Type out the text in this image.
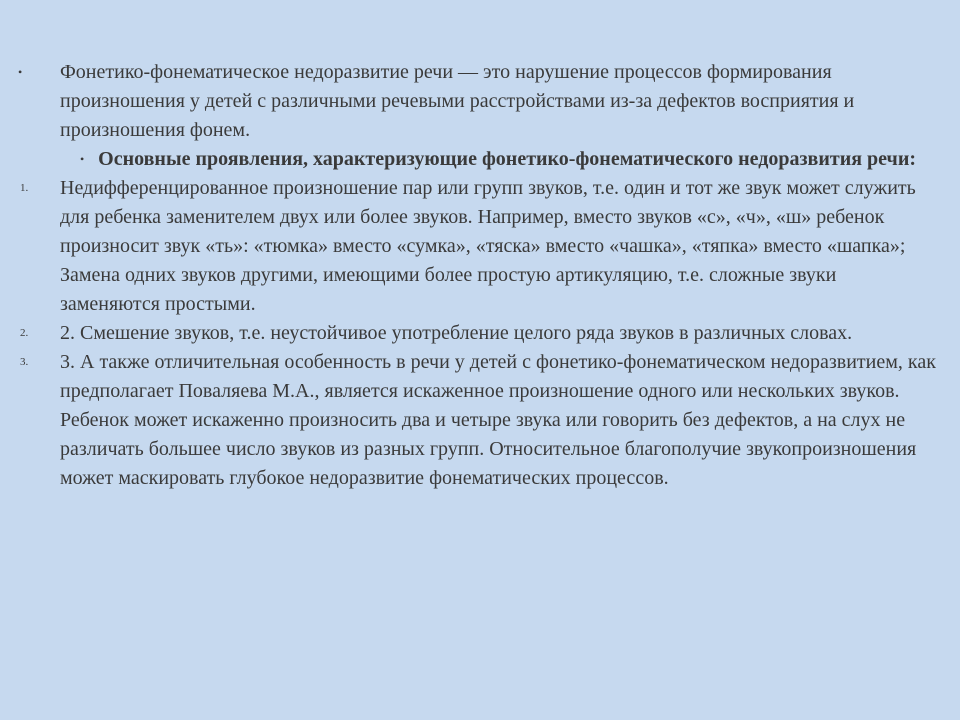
• Фонетико-фонематическое недоразвитие речи — это нарушение процессов формирования произношения у детей с различными речевыми расстройствами из-за дефектов восприятия и произношения фонем.

• Основные проявления, характеризующие фонетико-фонематического недоразвития речи:

1. Недифференцированное произношение пар или групп звуков, т.е. один и тот же звук может служить для ребенка заменителем двух или более звуков. Например, вместо звуков «с», «ч», «ш» ребенок произносит звук «ть»: «тюмка» вместо «сумка», «тяска» вместо «чашка», «тяпка» вместо «шапка»; Замена одних звуков другими, имеющими более простую артикуляцию, т.е. сложные звуки заменяются простыми.

2. 2. Смешение звуков, т.е. неустойчивое употребление целого ряда звуков в различных словах.

3. 3. А также отличительная особенность в речи у детей с фонетико-фонематическом недоразвитием, как предполагает Поваляева М.А., является искаженное произношение одного или нескольких звуков. Ребенок может искаженно произносить два и четыре звука или говорить без дефектов, а на слух не различать большее число звуков из разных групп. Относительное благополучие звукопроизношения может маскировать глубокое недоразвитие фонематических процессов.
